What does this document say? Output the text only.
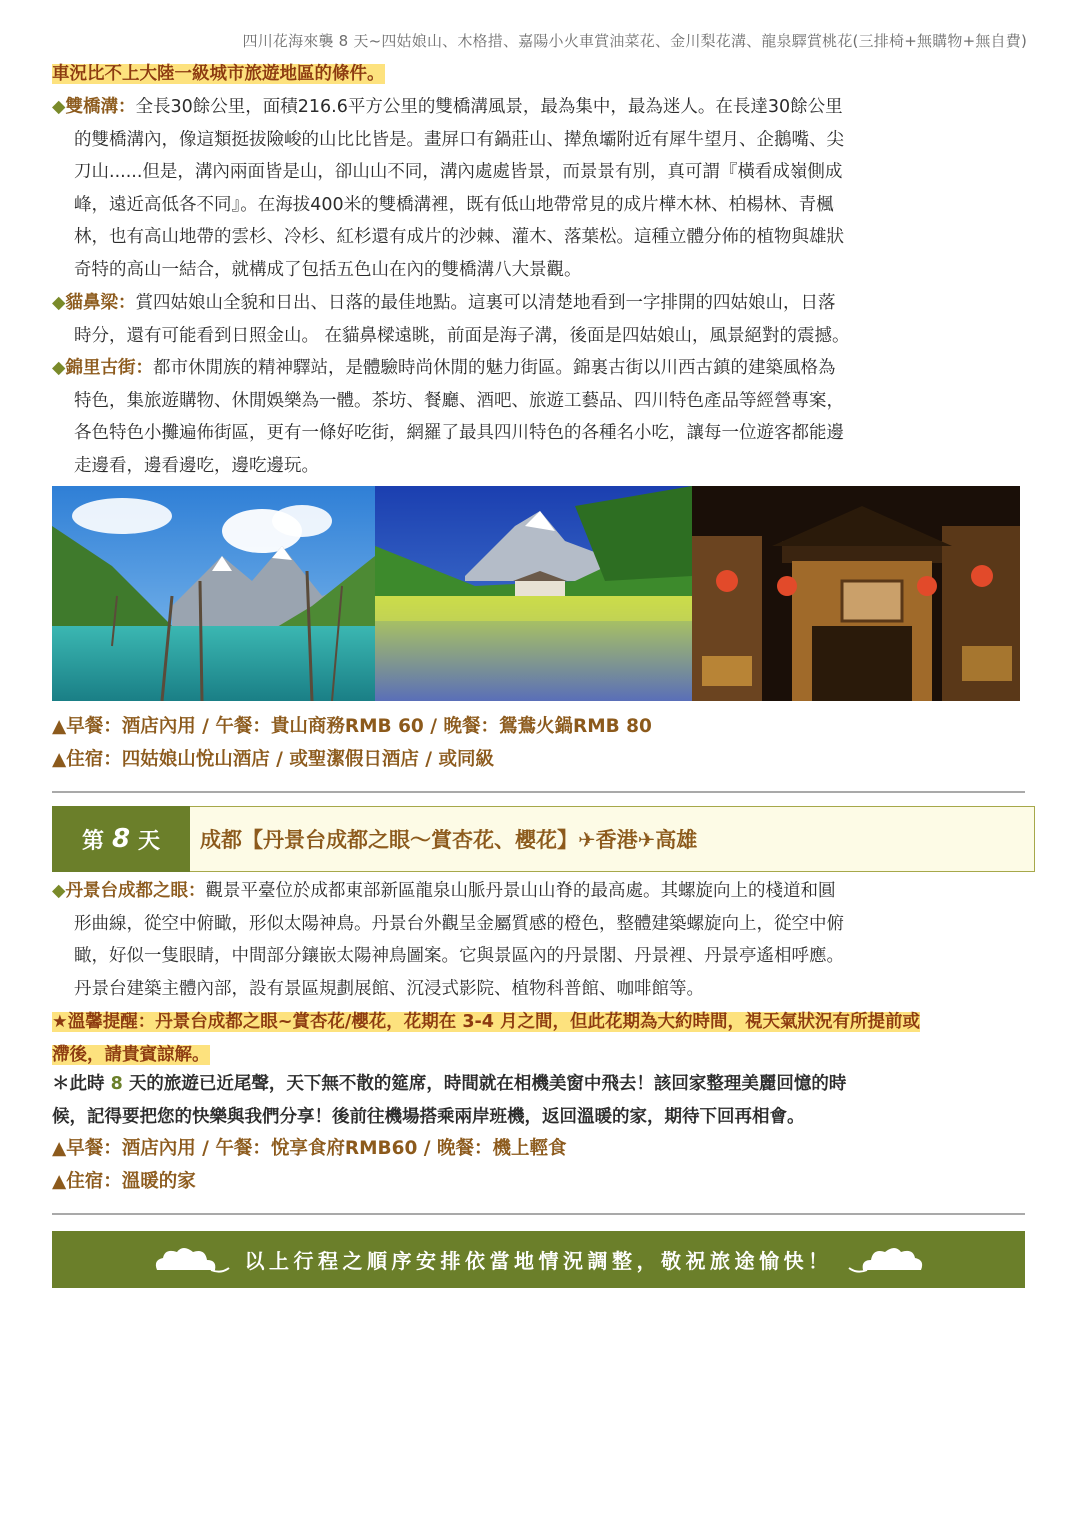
四川花海來襲 8 天~四姑娘山、木格措、嘉陽小火車賞油菜花、金川梨花溝、龍泉驛賞桃花(三排椅+無購物+無自費)
車況比不上大陸一級城市旅遊地區的條件。
◆雙橋溝：全長30餘公里，面積216.6平方公里的雙橋溝風景，最為集中，最為迷人。在長達30餘公里
的雙橋溝內，像這類挺拔險峻的山比比皆是。畫屏口有鍋莊山、撵魚壩附近有犀牛望月、企鵝嘴、尖
刀山......但是，溝內兩面皆是山，卻山山不同，溝內處處皆景，而景景有別，真可謂『橫看成嶺側成
峰，遠近高低各不同』。在海拔400米的雙橋溝裡，既有低山地帶常見的成片樺木林、柏楊林、青楓
林，也有高山地帶的雲杉、冷杉、紅杉還有成片的沙棘、灌木、落葉松。這種立體分佈的植物與雄狀
奇特的高山一結合，就構成了包括五色山在內的雙橋溝八大景觀。
◆貓鼻梁：賞四姑娘山全貌和日出、日落的最佳地點。這裏可以清楚地看到一字排開的四姑娘山，日落
時分，還有可能看到日照金山。 在貓鼻樑遠眺，前面是海子溝，後面是四姑娘山，風景絕對的震撼。
◆錦里古街：都市休閒族的精神驛站，是體驗時尚休閒的魅力街區。錦裏古街以川西古鎮的建築風格為
特色，集旅遊購物、休閒娛樂為一體。茶坊、餐廳、酒吧、旅遊工藝品、四川特色產品等經營專案，
各色特色小攤遍佈街區，更有一條好吃街，網羅了最具四川特色的各種名小吃，讓每一位遊客都能邊
走邊看，邊看邊吃，邊吃邊玩。
▲早餐：酒店內用 / 午餐：貴山商務RMB 60 / 晚餐：鴛鴦火鍋RMB 80
▲住宿：四姑娘山悅山酒店 / 或聖潔假日酒店 / 或同級
第 8 天	成都【丹景台成都之眼～賞杏花、櫻花】✈香港✈高雄
◆丹景台成都之眼：觀景平臺位於成都東部新區龍泉山脈丹景山山脊的最高處。其螺旋向上的棧道和圓
形曲線，從空中俯瞰，形似太陽神鳥。丹景台外觀呈金屬質感的橙色，整體建築螺旋向上，從空中俯
瞰，好似一隻眼睛，中間部分鑲嵌太陽神鳥圖案。它與景區內的丹景閣、丹景裡、丹景亭遙相呼應。
丹景台建築主體內部，設有景區規劃展館、沉浸式影院、植物科普館、咖啡館等。
★溫馨提醒：丹景台成都之眼~賞杏花/櫻花，花期在 3-4 月之間，但此花期為大約時間，視天氣狀況有所提前或
滯後，請貴賓諒解。
＊此時 8 天的旅遊已近尾聲，天下無不散的筵席，時間就在相機美窗中飛去！該回家整理美麗回憶的時
候，記得要把您的快樂與我們分享！後前往機場搭乘兩岸班機，返回溫暖的家，期待下回再相會。
▲早餐：酒店內用 / 午餐：悅享食府RMB60 / 晚餐：機上輕食
▲住宿：溫暖的家
以上行程之順序安排依當地情況調整，敬祝旅途愉快！
